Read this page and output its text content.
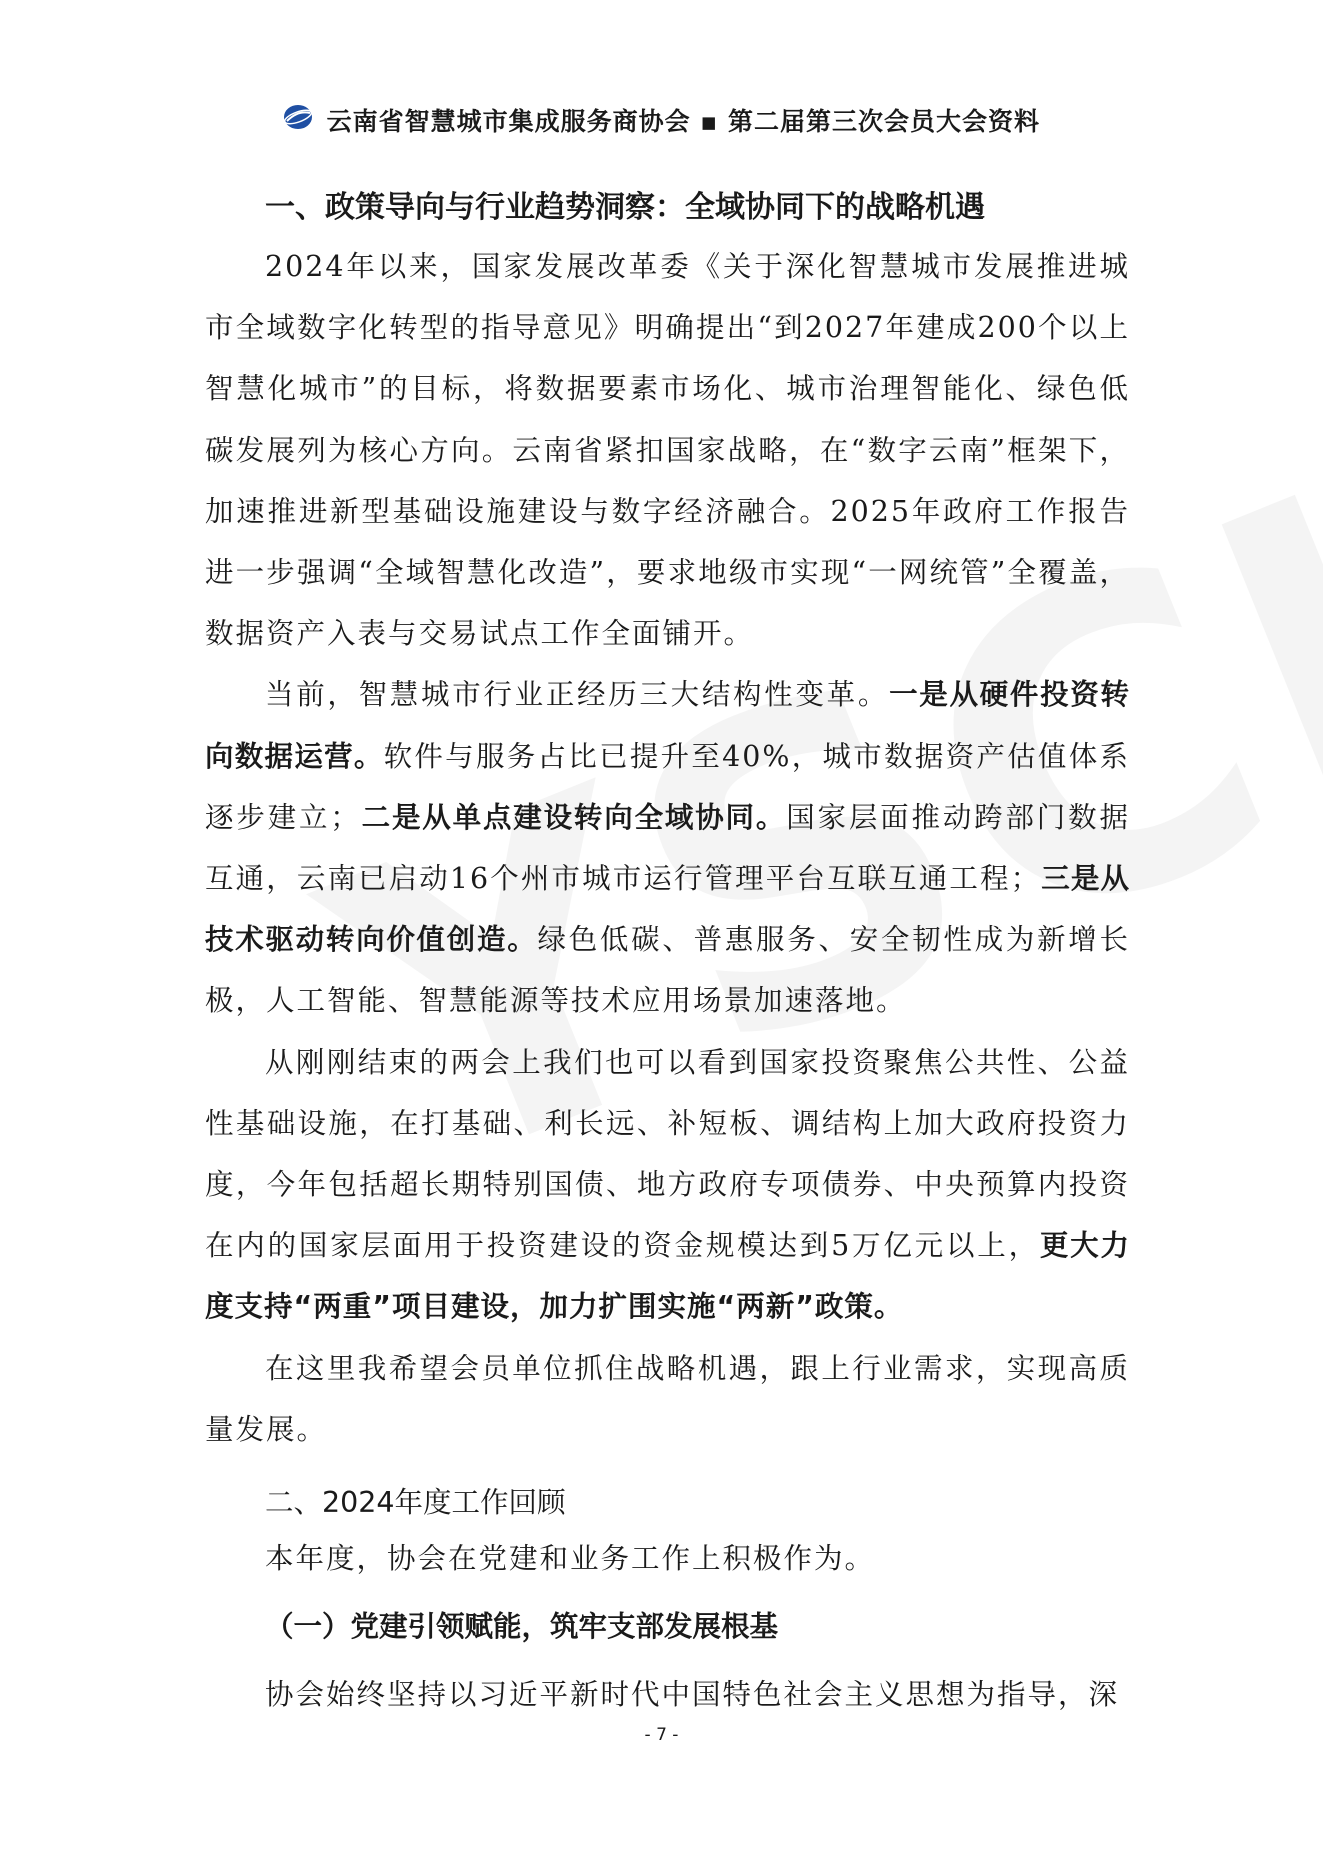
云南省智慧城市集成服务商协会 ▪ 第二届第三次会员大会资料
一、政策导向与行业趋势洞察：全域协同下的战略机遇

2024年以来，国家发展改革委《关于深化智慧城市发展推进城市全域数字化转型的指导意见》明确提出“到2027年建成200个以上智慧化城市”的目标，将数据要素市场化、城市治理智能化、绿色低碳发展列为核心方向。云南省紧扣国家战略，在“数字云南”框架下，加速推进新型基础设施建设与数字经济融合。2025年政府工作报告进一步强调“全域智慧化改造”，要求地级市实现“一网统管”全覆盖，数据资产入表与交易试点工作全面铺开。

当前，智慧城市行业正经历三大结构性变革。一是从硬件投资转向数据运营。软件与服务占比已提升至40%，城市数据资产估值体系逐步建立；二是从单点建设转向全域协同。国家层面推动跨部门数据互通，云南已启动16个州市城市运行管理平台互联互通工程；三是从技术驱动转向价值创造。绿色低碳、普惠服务、安全韧性成为新增长极，人工智能、智慧能源等技术应用场景加速落地。

从刚刚结束的两会上我们也可以看到国家投资聚焦公共性、公益性基础设施，在打基础、利长远、补短板、调结构上加大政府投资力度，今年包括超长期特别国债、地方政府专项债券、中央预算内投资在内的国家层面用于投资建设的资金规模达到5万亿元以上，更大力度支持“两重”项目建设，加力扩围实施“两新”政策。

在这里我希望会员单位抓住战略机遇，跟上行业需求，实现高质量发展。

二、2024年度工作回顾
本年度，协会在党建和业务工作上积极作为。
（一）党建引领赋能，筑牢支部发展根基

协会始终坚持以习近平新时代中国特色社会主义思想为指导，深

- 7 -
